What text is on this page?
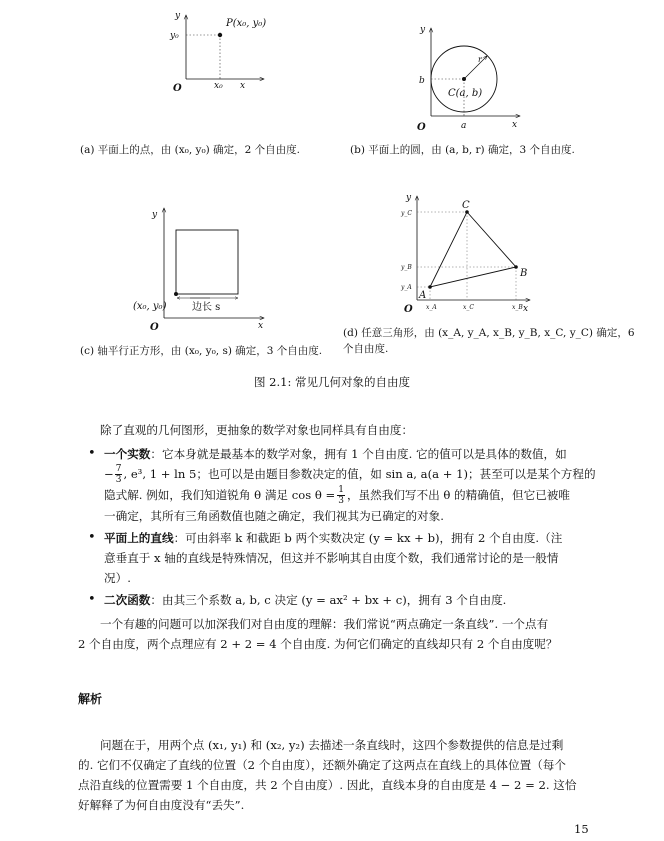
y
x
O
y₀
x₀
P(x₀, y₀)
y
x
O
b
a
C(a, b)
r
y
x
O
(x₀, y₀)	边长 s
y
x
O
A
B
C
y_C
y_B
y_A
x_A	x_C	x_B
(a) 平面上的点，由 (x₀, y₀) 确定，2 个自由度.	(b) 平面上的圆，由 (a, b, r) 确定，3 个自由度.
(c) 轴平行正方形，由 (x₀, y₀, s) 确定，3 个自由度.
(d) 任意三角形，由 (x_A, y_A, x_B, y_B, x_C, y_C) 确定，6
个自由度.
图 2.1: 常见几何对象的自由度
除了直观的几何图形，更抽象的数学对象也同样具有自由度：
• 一个实数：它本身就是最基本的数学对象，拥有 1 个自由度. 它的值可以是具体的数值，如
− $\frac{7}{3}$ , e³, 1 + ln 5；也可以是由题目参数决定的值，如 sin a, a(a + 1)；甚至可以是某个方程的
隐式解. 例如，我们知道锐角 θ 满足 $\cos \theta = \frac{1}{3}$ ，虽然我们写不出 θ 的精确值，但它已被唯
一确定，其所有三角函数值也随之确定，我们视其为已确定的对象.
• 平面上的直线：可由斜率 k 和截距 b 两个实数决定 (y = kx + b)，拥有 2 个自由度.（注
意垂直于 x 轴的直线是特殊情况，但这并不影响其自由度个数，我们通常讨论的是一般情
况）.
• 二次函数：由其三个系数 a, b, c 决定 (y = ax² + bx + c)，拥有 3 个自由度.
一个有趣的问题可以加深我们对自由度的理解：我们常说“两点确定一条直线”. 一个点有
2 个自由度，两个点理应有 2 + 2 = 4 个自由度. 为何它们确定的直线却只有 2 个自由度呢？
解析
问题在于，用两个点 (x₁, y₁) 和 (x₂, y₂) 去描述一条直线时，这四个参数提供的信息是过剩
的. 它们不仅确定了直线的位置（2 个自由度），还额外确定了这两点在直线上的具体位置（每个
点沿直线的位置需要 1 个自由度，共 2 个自由度）. 因此，直线本身的自由度是 4 − 2 = 2. 这恰
好解释了为何自由度没有“丢失”.
15
